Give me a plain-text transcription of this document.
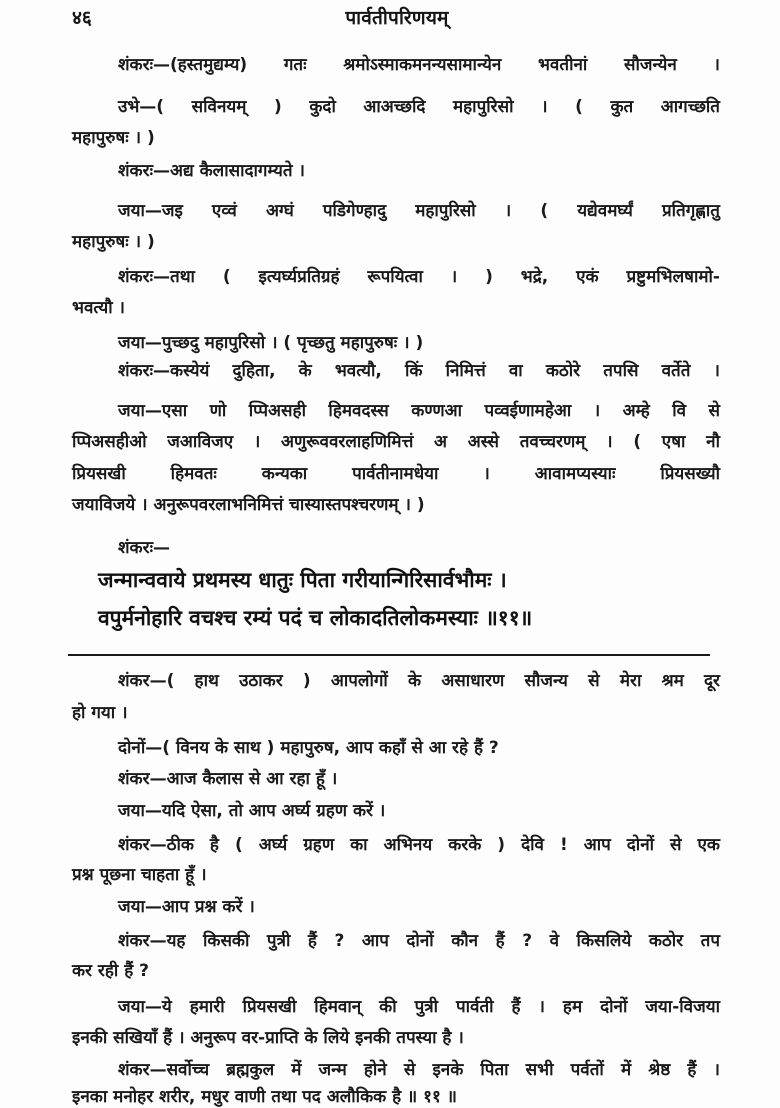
४६	पार्वतीपरिणयम्
शंकरः—(हस्तमुद्यम्य) गतः श्रमोऽस्माकमनन्यसामान्येन भवतीनां सौजन्येन ।
उभे—( सविनयम् ) कुदो आअच्छदि महापुरिसो । ( कुत आगच्छति
महापुरुषः । )
शंकरः—अद्य कैलासादागम्यते ।
जया—जइ एव्वं अग्घं पडिगेण्हादु महापुरिसो । ( यद्येवमर्घ्यं प्रतिगृह्णातु
महापुरुषः । )
शंकरः—तथा ( इत्यर्घ्यप्रतिग्रहं रूपयित्वा । ) भद्रे, एकं प्रष्टुमभिलषामो-
भवत्यौ ।
जया—पुच्छदु महापुरिसो । ( पृच्छतु महापुरुषः । )
शंकरः—कस्येयं दुहिता, के भवत्यौ, किं निमित्तं वा कठोरे तपसि वर्तेते ।
जया—एसा णो प्पिअसही हिमवदस्स कण्णआ पव्वईणामहेआ । अम्हे वि से
प्पिअसहीओ जआविजए । अणुरूववरलाहणिमित्तं अ अस्से तवच्चरणम् । ( एषा नौ
प्रियसखी हिमवतः कन्यका पार्वतीनामधेया । आवामप्यस्याः प्रियसख्यौ
जयाविजये । अनुरूपवरलाभनिमित्तं चास्यास्तपश्चरणम् । )
शंकरः—
जन्मान्ववाये प्रथमस्य धातुः पिता गरीयान्गिरिसार्वभौमः ।
वपुर्मनोहारि वचश्च रम्यं पदं च लोकादतिलोकमस्याः ॥११॥
शंकर—( हाथ उठाकर ) आपलोगों के असाधारण सौजन्य से मेरा श्रम दूर
हो गया ।
दोनों—( विनय के साथ ) महापुरुष, आप कहाँ से आ रहे हैं ?
शंकर—आज कैलास से आ रहा हूँ ।
जया—यदि ऐसा, तो आप अर्घ्य ग्रहण करें ।
शंकर—ठीक है ( अर्घ्य ग्रहण का अभिनय करके ) देवि ! आप दोनों से एक
प्रश्न पूछना चाहता हूँ ।
जया—आप प्रश्न करें ।
शंकर—यह किसकी पुत्री हैं ? आप दोनों कौन हैं ? वे किसलिये कठोर तप
कर रही हैं ?
जया—ये हमारी प्रियसखी हिमवान् की पुत्री पार्वती हैं । हम दोनों जया-विजया
इनकी सखियाँ हैं । अनुरूप वर-प्राप्ति के लिये इनकी तपस्या है ।
शंकर—सर्वोच्च ब्रह्मकुल में जन्म होने से इनके पिता सभी पर्वतों में श्रेष्ठ हैं ।
इनका मनोहर शरीर, मधुर वाणी तथा पद अलौकिक है ॥ ११ ॥
